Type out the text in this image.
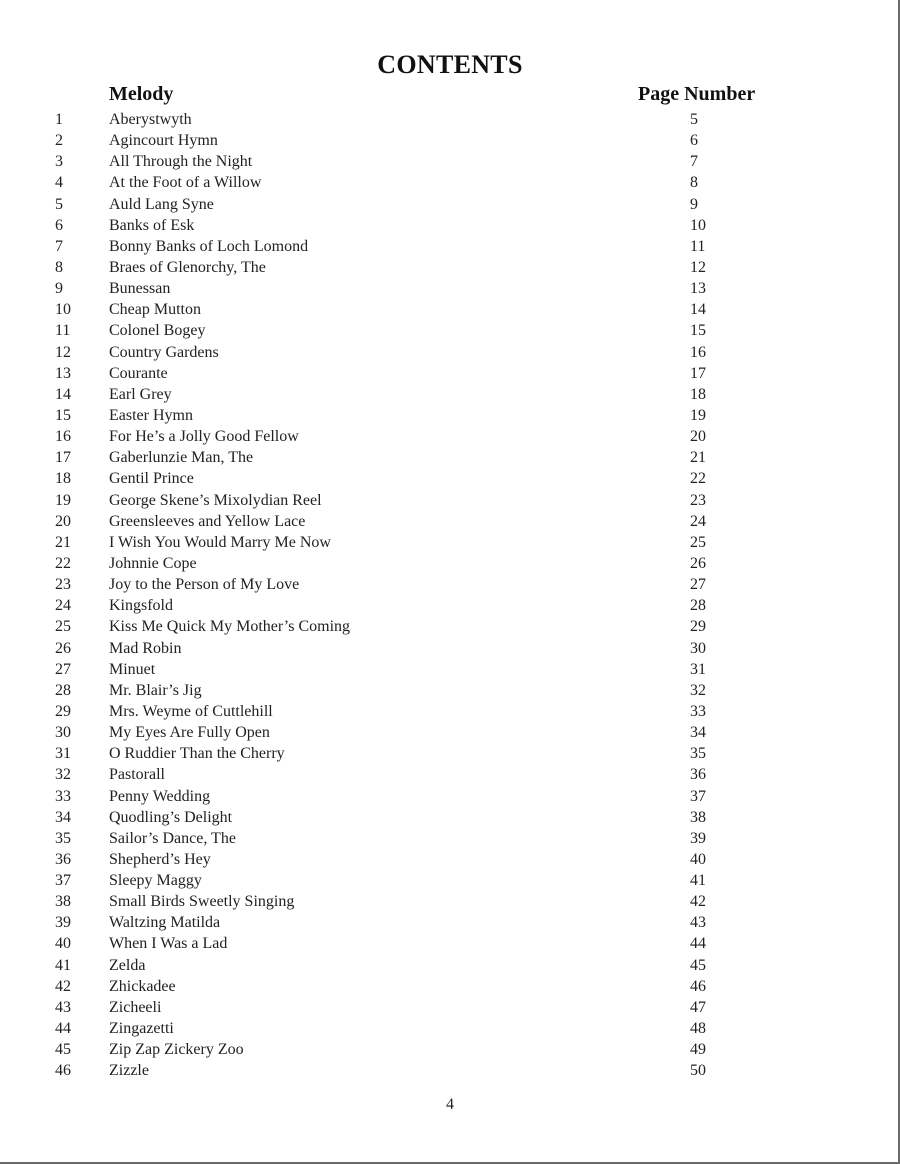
CONTENTS
Melody	Page Number
1	Aberystwyth	5
2	Agincourt Hymn	6
3	All Through the Night	7
4	At the Foot of a Willow	8
5	Auld Lang Syne	9
6	Banks of Esk	10
7	Bonny Banks of Loch Lomond	11
8	Braes of Glenorchy, The	12
9	Bunessan	13
10 Cheap Mutton	14
11 Colonel Bogey	15
12 Country Gardens	16
13 Courante	17
14 Earl Grey	18
15 Easter Hymn	19
16 For He’s a Jolly Good Fellow	20
17 Gaberlunzie Man, The	21
18 Gentil Prince	22
19 George Skene’s Mixolydian Reel	23
20 Greensleeves and Yellow Lace	24
21 I Wish You Would Marry Me Now	25
22 Johnnie Cope	26
23 Joy to the Person of My Love	27
24 Kingsfold	28
25 Kiss Me Quick My Mother’s Coming	29
26 Mad Robin	30
27 Minuet	31
28 Mr. Blair’s Jig	32
29 Mrs. Weyme of Cuttlehill	33
30 My Eyes Are Fully Open	34
31 O Ruddier Than the Cherry	35
32 Pastorall	36
33 Penny Wedding	37
34 Quodling’s Delight	38
35 Sailor’s Dance, The	39
36 Shepherd’s Hey	40
37 Sleepy Maggy	41
38 Small Birds Sweetly Singing	42
39 Waltzing Matilda	43
40 When I Was a Lad	44
41 Zelda	45
42 Zhickadee	46
43 Zicheeli	47
44 Zingazetti	48
45 Zip Zap Zickery Zoo	49
46 Zizzle	50
4
